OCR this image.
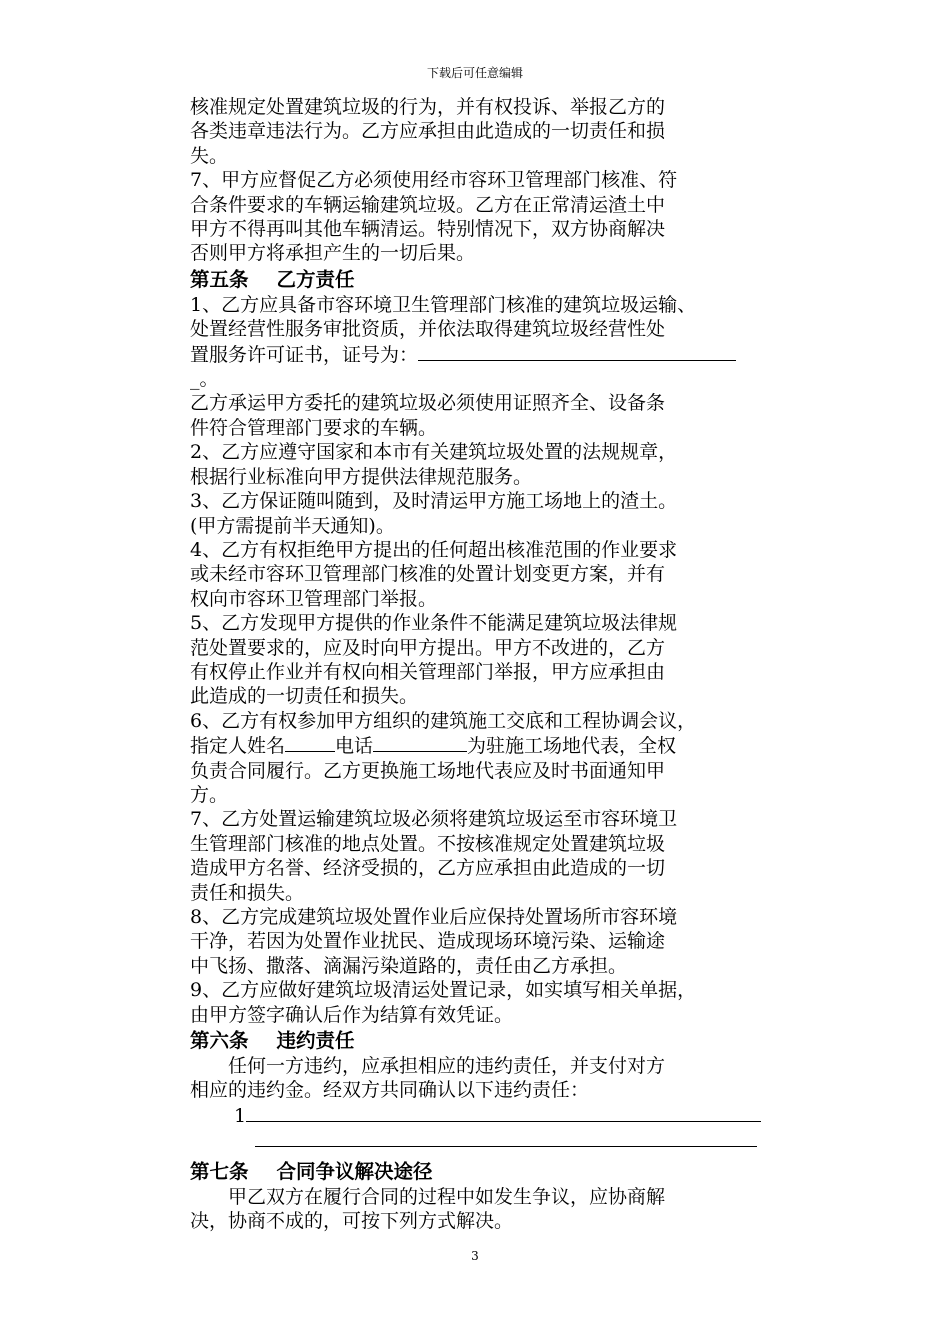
下载后可任意编辑

核准规定处置建筑垃圾的行为，并有权投诉、举报乙方的

各类违章违法行为。乙方应承担由此造成的一切责任和损

失。

7、甲方应督促乙方必须使用经市容环卫管理部门核准、符

合条件要求的车辆运输建筑垃圾。乙方在正常清运渣土中

甲方不得再叫其他车辆清运。特别情况下，双方协商解决

否则甲方将承担产生的一切后果。

第五条 乙方责任

1、乙方应具备市容环境卫生管理部门核准的建筑垃圾运输、

处置经营性服务审批资质，并依法取得建筑垃圾经营性处

置服务许可证书，证号为：

_。

乙方承运甲方委托的建筑垃圾必须使用证照齐全、设备条

件符合管理部门要求的车辆。

2、乙方应遵守国家和本市有关建筑垃圾处置的法规规章，

根据行业标准向甲方提供法律规范服务。

3、乙方保证随叫随到，及时清运甲方施工场地上的渣土。

(甲方需提前半天通知)。

4、乙方有权拒绝甲方提出的任何超出核准范围的作业要求

或未经市容环卫管理部门核准的处置计划变更方案，并有

权向市容环卫管理部门举报。

5、乙方发现甲方提供的作业条件不能满足建筑垃圾法律规

范处置要求的，应及时向甲方提出。甲方不改进的，乙方

有权停止作业并有权向相关管理部门举报，甲方应承担由

此造成的一切责任和损失。

6、乙方有权参加甲方组织的建筑施工交底和工程协调会议，

指定人姓名	电话	为驻施工场地代表，全权

负责合同履行。乙方更换施工场地代表应及时书面通知甲

方。

7、乙方处置运输建筑垃圾必须将建筑垃圾运至市容环境卫

生管理部门核准的地点处置。不按核准规定处置建筑垃圾

造成甲方名誉、经济受损的，乙方应承担由此造成的一切

责任和损失。

8、乙方完成建筑垃圾处置作业后应保持处置场所市容环境

干净，若因为处置作业扰民、造成现场环境污染、运输途

中飞扬、撒落、滴漏污染道路的，责任由乙方承担。

9、乙方应做好建筑垃圾清运处置记录，如实填写相关单据，

由甲方签字确认后作为结算有效凭证。

第六条 违约责任

任何一方违约，应承担相应的违约责任，并支付对方

相应的违约金。经双方共同确认以下违约责任：

1

第七条 合同争议解决途径

甲乙双方在履行合同的过程中如发生争议，应协商解

决，协商不成的，可按下列方式解决。

3
